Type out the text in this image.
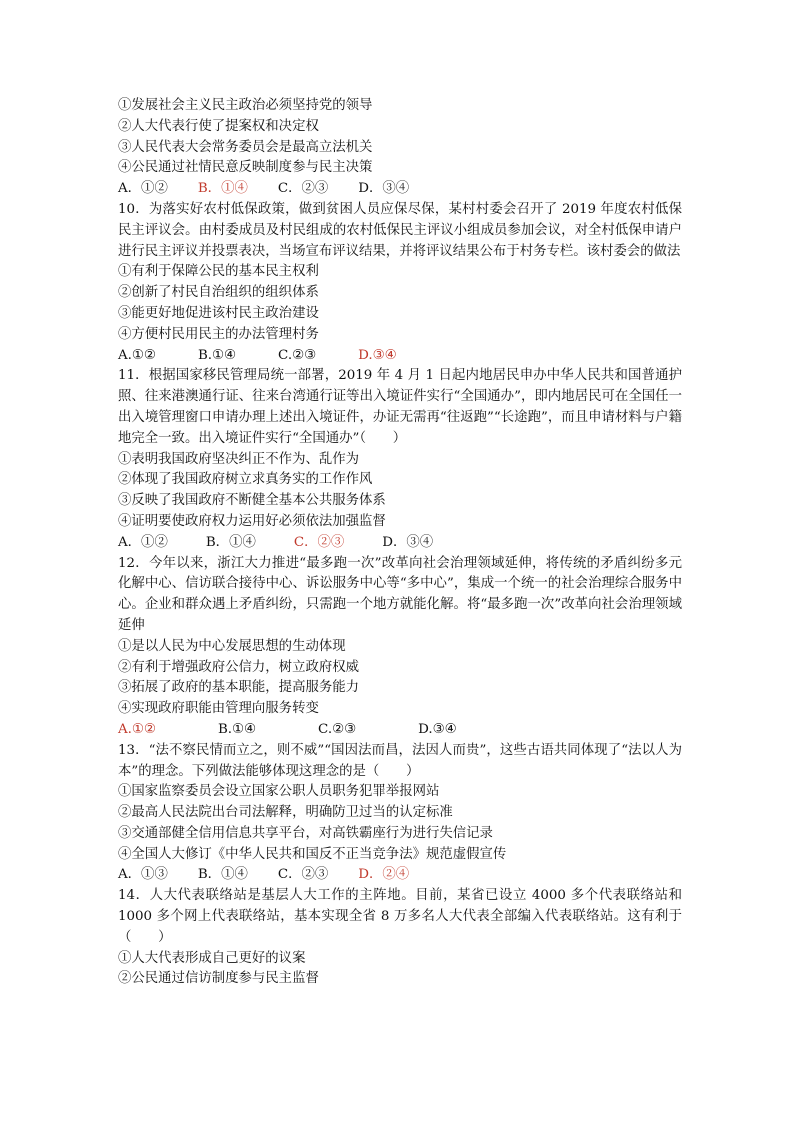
①发展社会主义民主政治必须坚持党的领导
②人大代表行使了提案权和决定权
③人民代表大会常务委员会是最高立法机关
④公民通过社情民意反映制度参与民主决策
A．①② B．①④ C．②③ D．③④
10．为落实好农村低保政策，做到贫困人员应保尽保，某村村委会召开了 2019 年度农村低保民主评议会。由村委成员及村民组成的农村低保民主评议小组成员参加会议，对全村低保申请户进行民主评议并投票表决，当场宣布评议结果，并将评议结果公布于村务专栏。该村委会的做法
①有利于保障公民的基本民主权利
②创新了村民自治组织的组织体系
③能更好地促进该村民主政治建设
④方便村民用民主的办法管理村务
A.①②	B.①④	C.②③	D.③④
11．根据国家移民管理局统一部署，2019 年 4 月 1 日起内地居民申办中华人民共和国普通护照、往来港澳通行证、往来台湾通行证等出入境证件实行“全国通办”，即内地居民可在全国任一出入境管理窗口申请办理上述出入境证件，办证无需再“往返跑”“长途跑”，而且申请材料与户籍地完全一致。出入境证件实行“全国通办”（　　）
①表明我国政府坚决纠正不作为、乱作为
②体现了我国政府树立求真务实的工作作风
③反映了我国政府不断健全基本公共服务体系
④证明要使政府权力运用好必须依法加强监督
A．①②	B．①④	C．②③	D．③④
12．今年以来，浙江大力推进“最多跑一次”改革向社会治理领域延伸，将传统的矛盾纠纷多元化解中心、信访联合接待中心、诉讼服务中心等“多中心”，集成一个统一的社会治理综合服务中心。企业和群众遇上矛盾纠纷，只需跑一个地方就能化解。将“最多跑一次”改革向社会治理领域延伸
①是以人民为中心发展思想的生动体现
②有利于增强政府公信力，树立政府权威
③拓展了政府的基本职能，提高服务能力
④实现政府职能由管理向服务转变
A.①②	B.①④	C.②③	D.③④
13．“法不察民情而立之，则不威”“国因法而昌，法因人而贵”，这些古语共同体现了“法以人为本”的理念。下列做法能够体现这理念的是（　　）
①国家监察委员会设立国家公职人员职务犯罪举报网站
②最高人民法院出台司法解释，明确防卫过当的认定标准
③交通部健全信用信息共享平台，对高铁霸座行为进行失信记录
④全国人大修订《中华人民共和国反不正当竞争法》规范虚假宣传
A．①③ B．①④ C．②③ D．②④
14．人大代表联络站是基层人大工作的主阵地。目前，某省已设立 4000 多个代表联络站和 1000 多个网上代表联络站，基本实现全省 8 万多名人大代表全部编入代表联络站。这有利于（　　）
①人大代表形成自己更好的议案
②公民通过信访制度参与民主监督
